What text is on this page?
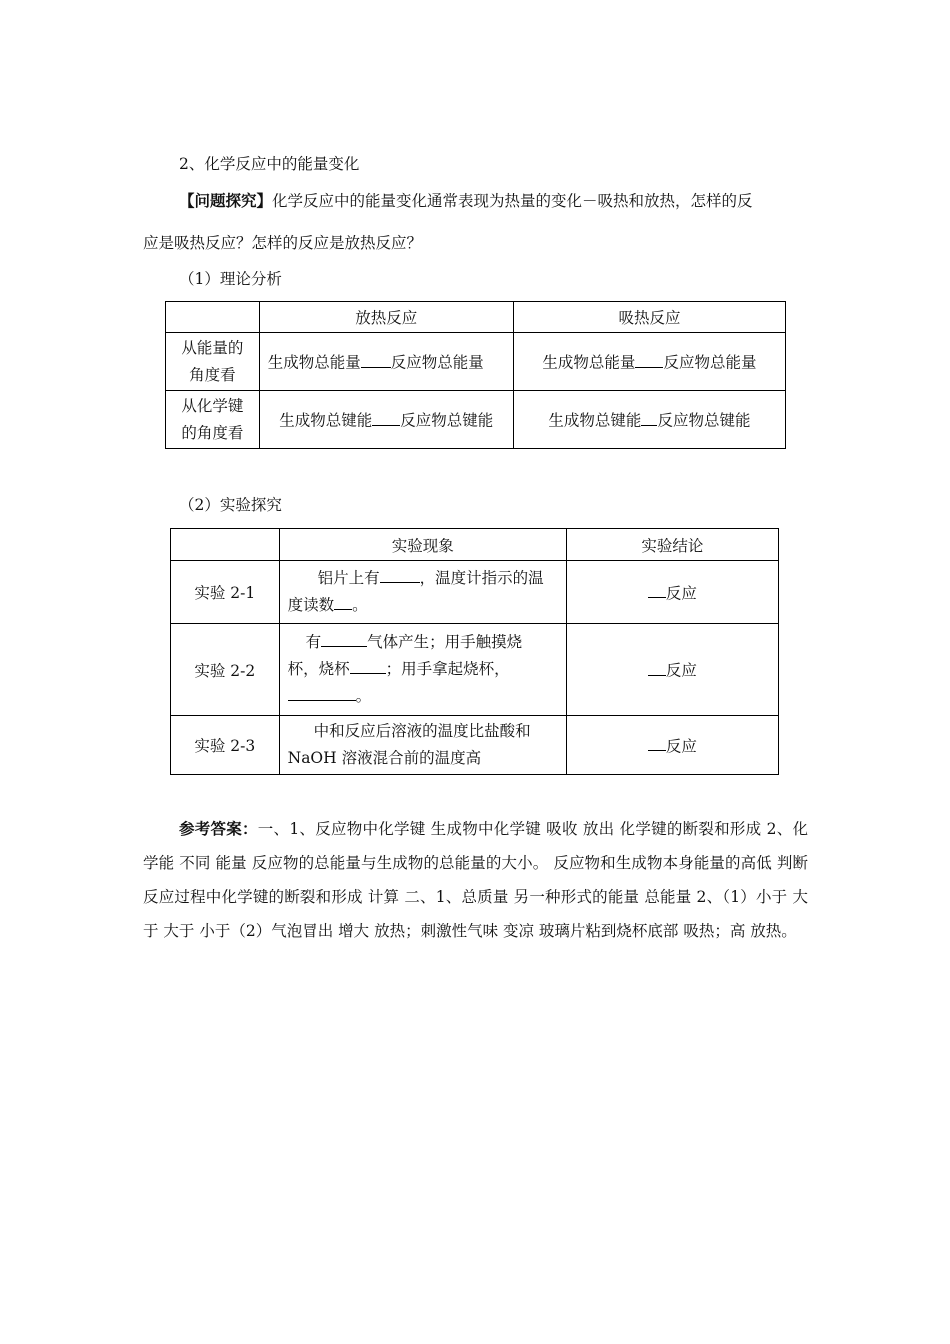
2、化学反应中的能量变化
【问题探究】化学反应中的能量变化通常表现为热量的变化－吸热和放热，怎样的反
应是吸热反应？怎样的反应是放热反应？
（1）理论分析
	放热反应	吸热反应

从能量的
角度看	生成物总能量 反应物总能量	生成物总能量 反应物总能量

从化学键
的角度看	生成物总键能 反应物总键能	生成物总键能 反应物总键能
（2）实验探究
	实验现象	实验结论
实验 2-1	铝片上有 ，温度计指示的温
度读数 。	反应
实验 2-2	有 气体产生；用手触摸烧
杯，烧杯 ；用手拿起烧杯，
。	反应
实验 2-3	中和反应后溶液的温度比盐酸和
NaOH 溶液混合前的温度高	反应
参考答案：一、1、反应物中化学键 生成物中化学键 吸收 放出 化学键的断裂和形成 2、化学能 不同 能量 反应物的总能量与生成物的总能量的大小。 反应物和生成物本身能量的高低 判断 反应过程中化学键的断裂和形成 计算 二、1、总质量 另一种形式的能量 总能量 2、（1）小于 大于 大于 小于（2）气泡冒出 增大 放热；刺激性气味 变凉 玻璃片粘到烧杯底部 吸热；高 放热。
